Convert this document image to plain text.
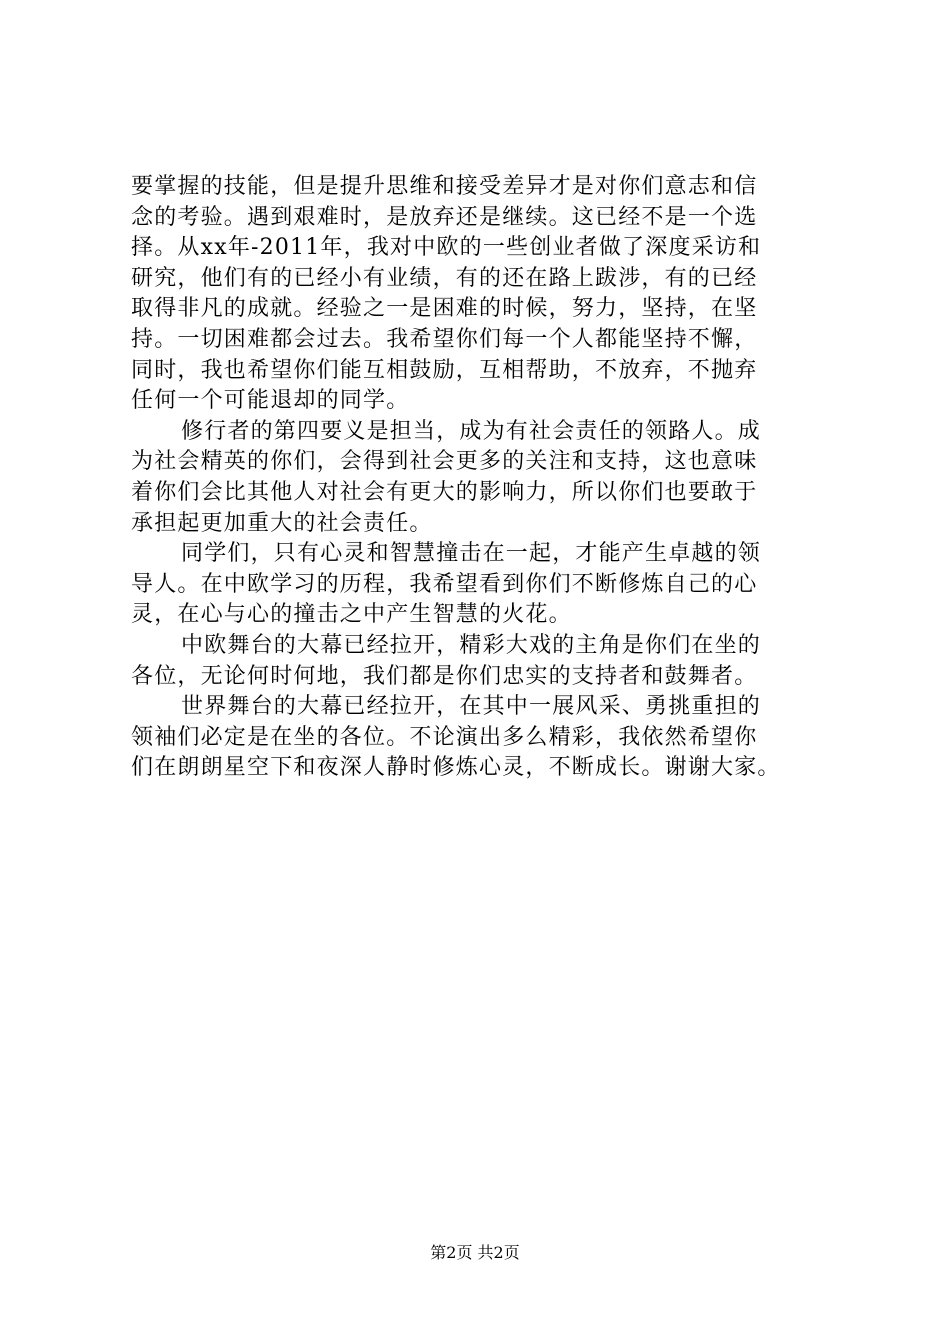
要掌握的技能，但是提升思维和接受差异才是对你们意志和信
念的考验。遇到艰难时，是放弃还是继续。这已经不是一个选
择。从xx年-2011年，我对中欧的一些创业者做了深度采访和
研究，他们有的已经小有业绩，有的还在路上跋涉，有的已经
取得非凡的成就。经验之一是困难的时候，努力，坚持，在坚
持。一切困难都会过去。我希望你们每一个人都能坚持不懈，
同时，我也希望你们能互相鼓励，互相帮助，不放弃，不抛弃
任何一个可能退却的同学。
修行者的第四要义是担当，成为有社会责任的领路人。成
为社会精英的你们，会得到社会更多的关注和支持，这也意味
着你们会比其他人对社会有更大的影响力，所以你们也要敢于
承担起更加重大的社会责任。
同学们，只有心灵和智慧撞击在一起，才能产生卓越的领
导人。在中欧学习的历程，我希望看到你们不断修炼自己的心
灵，在心与心的撞击之中产生智慧的火花。
中欧舞台的大幕已经拉开，精彩大戏的主角是你们在坐的
各位，无论何时何地，我们都是你们忠实的支持者和鼓舞者。
世界舞台的大幕已经拉开，在其中一展风采、勇挑重担的
领袖们必定是在坐的各位。不论演出多么精彩，我依然希望你
们在朗朗星空下和夜深人静时修炼心灵，不断成长。谢谢大家。
第2页 共2页
